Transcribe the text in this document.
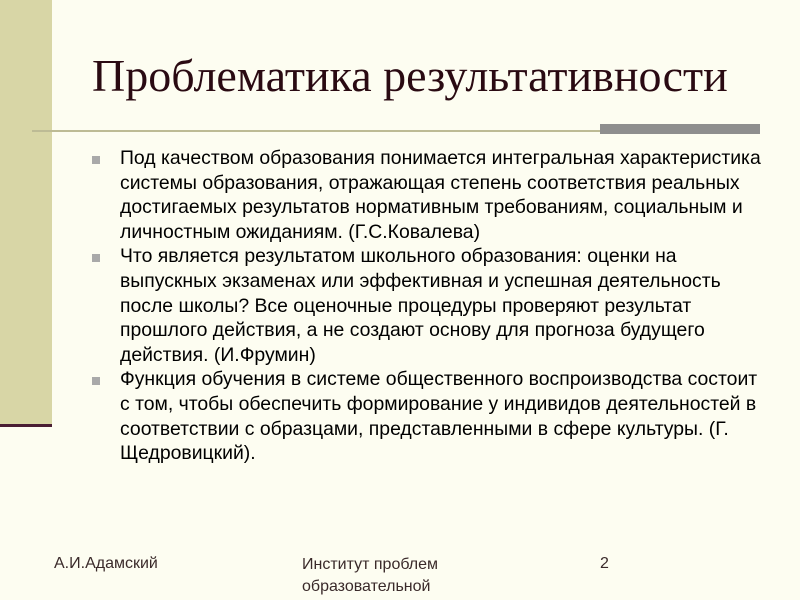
Проблематика результативности
Под качеством образования понимается интегральная характеристика системы образования, отражающая степень соответствия реальных достигаемых результатов нормативным требованиям, социальным и личностным ожиданиям. (Г.С.Ковалева)
Что является результатом школьного образования: оценки на выпускных экзаменах или эффективная и успешная деятельность после школы? Все оценочные процедуры проверяют результат прошлого действия, а не создают основу для прогноза будущего действия. (И.Фрумин)
Функция обучения в системе общественного воспроизводства состоит с том, чтобы обеспечить формирование у индивидов деятельностей в соответствии с образцами, представленными в сфере культуры. (Г. Щедровицкий).
А.И.Адамский	Институт проблем
образовательной
2
